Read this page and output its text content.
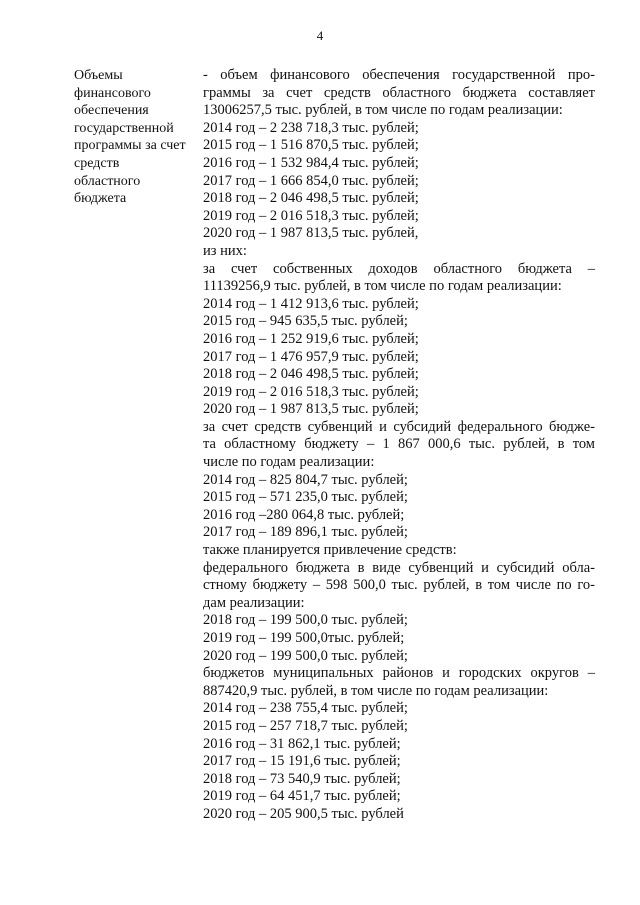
4
Объемы
финансового
обеспечения
государственной
программы за счет
средств
областного
бюджета
- объем финансового обеспечения государственной про-
граммы за счет средств областного бюджета составляет
13006257,5 тыс. рублей, в том числе по годам реализации:
2014 год – 2 238 718,3 тыс. рублей;
2015 год – 1 516 870,5 тыс. рублей;
2016 год – 1 532 984,4 тыс. рублей;
2017 год – 1 666 854,0 тыс. рублей;
2018 год – 2 046 498,5 тыс. рублей;
2019 год – 2 016 518,3 тыс. рублей;
2020 год – 1 987 813,5 тыс. рублей,
из них:
за счет собственных доходов областного бюджета –
11139256,9 тыс. рублей, в том числе по годам реализации:
2014 год – 1 412 913,6 тыс. рублей;
2015 год – 945 635,5 тыс. рублей;
2016 год – 1 252 919,6 тыс. рублей;
2017 год – 1 476 957,9 тыс. рублей;
2018 год – 2 046 498,5 тыс. рублей;
2019 год – 2 016 518,3 тыс. рублей;
2020 год – 1 987 813,5 тыс. рублей;
за счет средств субвенций и субсидий федерального бюдже-
та областному бюджету – 1 867 000,6 тыс. рублей, в том
числе по годам реализации:
2014 год – 825 804,7 тыс. рублей;
2015 год – 571 235,0 тыс. рублей;
2016 год –280 064,8 тыс. рублей;
2017 год – 189 896,1 тыс. рублей;
также планируется привлечение средств:
федерального бюджета в виде субвенций и субсидий обла-
стному бюджету – 598 500,0 тыс. рублей, в том числе по го-
дам реализации:
2018 год – 199 500,0 тыс. рублей;
2019 год – 199 500,0тыс. рублей;
2020 год – 199 500,0 тыс. рублей;
бюджетов муниципальных районов и городских округов –
887420,9 тыс. рублей, в том числе по годам реализации:
2014 год – 238 755,4 тыс. рублей;
2015 год – 257 718,7 тыс. рублей;
2016 год – 31 862,1 тыс. рублей;
2017 год – 15 191,6 тыс. рублей;
2018 год – 73 540,9 тыс. рублей;
2019 год – 64 451,7 тыс. рублей;
2020 год – 205 900,5 тыс. рублей
